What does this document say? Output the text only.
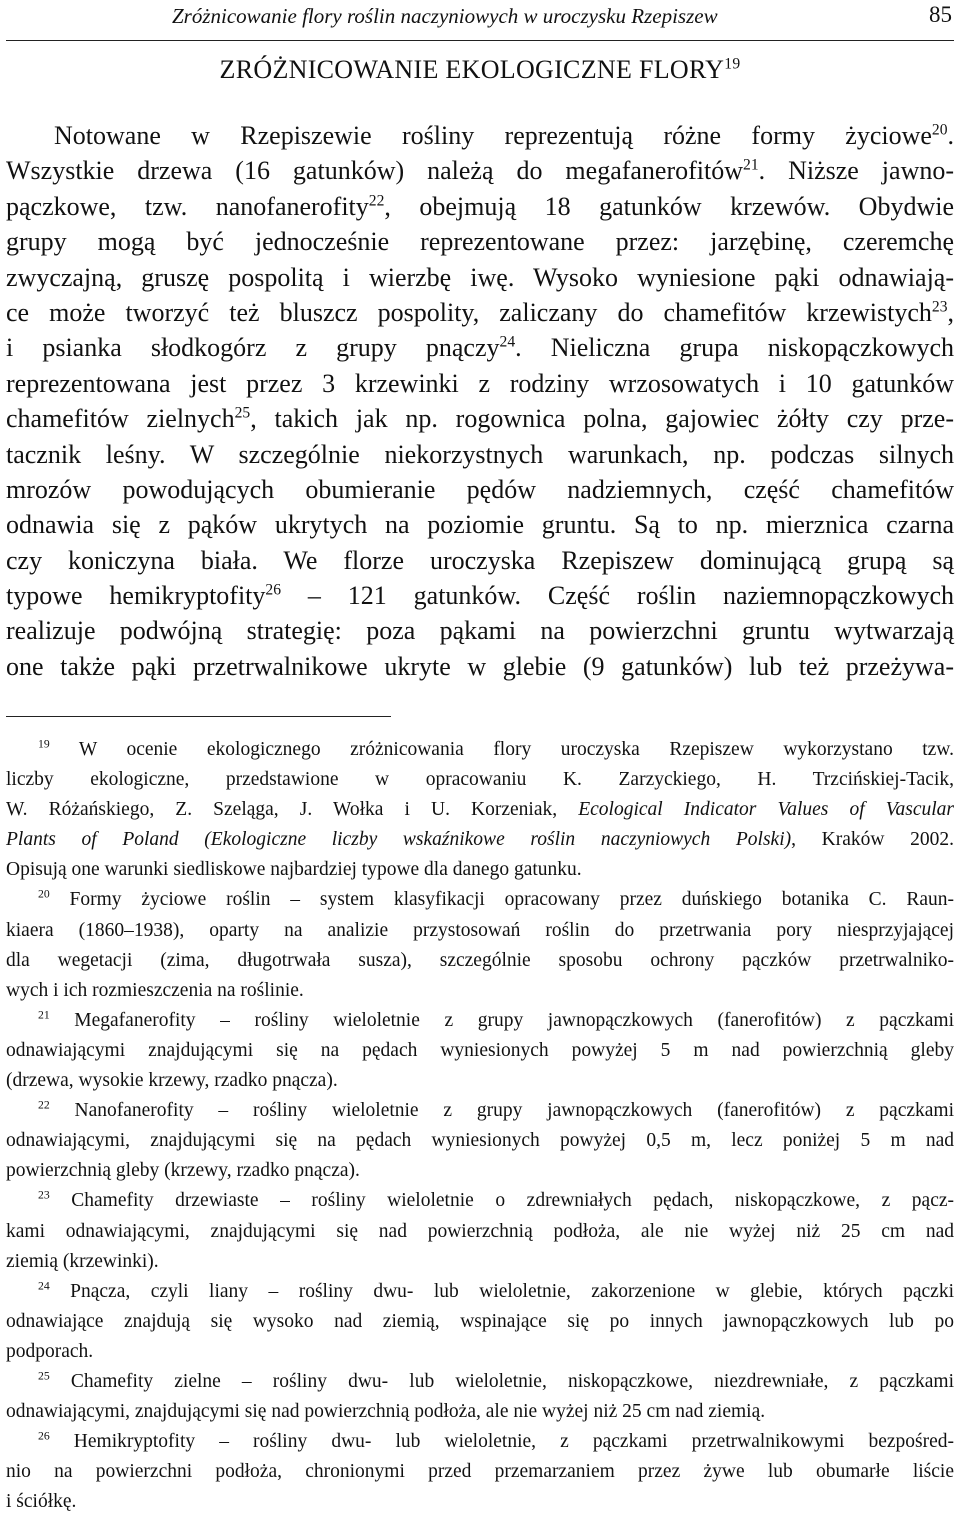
Zróżnicowanie flory roślin naczyniowych w uroczysku Rzepiszew	85
ZRÓŻNICOWANIE EKOLOGICZNE FLORY$^{19}$
Notowane w Rzepiszewie rośliny reprezentują różne formy życiowe$^{20}$.
Wszystkie drzewa (16 gatunków) należą do megafanerofitów$^{21}$. Niższe jawno-
pączkowe, tzw. nanofanerofity$^{22}$, obejmują 18 gatunków krzewów. Obydwie
grupy mogą być jednocześnie reprezentowane przez: jarzębinę, czeremchę
zwyczajną, gruszę pospolitą i wierzbę iwę. Wysoko wyniesione pąki odnawiają-
ce może tworzyć też bluszcz pospolity, zaliczany do chamefitów krzewistych$^{23}$,
i psianka słodkogórz z grupy pnączy$^{24}$. Nieliczna grupa niskopączkowych
reprezentowana jest przez 3 krzewinki z rodziny wrzosowatych i 10 gatunków
chamefitów zielnych$^{25}$, takich jak np. rogownica polna, gajowiec żółty czy prze-
tacznik leśny. W szczególnie niekorzystnych warunkach, np. podczas silnych
mrozów powodujących obumieranie pędów nadziemnych, część chamefitów
odnawia się z pąków ukrytych na poziomie gruntu. Są to np. mierznica czarna
czy koniczyna biała. We florze uroczyska Rzepiszew dominującą grupą są
typowe hemikryptofity$^{26}$ – 121 gatunków. Część roślin naziemnopączkowych
realizuje podwójną strategię: poza pąkami na powierzchni gruntu wytwarzają
one także pąki przetrwalnikowe ukryte w glebie (9 gatunków) lub też przeżywa-
$^{19}$ W ocenie ekologicznego zróżnicowania flory uroczyska Rzepiszew wykorzystano tzw.
liczby ekologiczne, przedstawione w opracowaniu K. Zarzyckiego, H. Trzcińskiej-Tacik,
W. Różańskiego, Z. Szeląga, J. Wołka i U. Korzeniak, Ecological Indicator Values of Vascular
Plants of Poland (Ekologiczne liczby wskaźnikowe roślin naczyniowych Polski), Kraków 2002.
Opisują one warunki siedliskowe najbardziej typowe dla danego gatunku.
$^{20}$ Formy życiowe roślin – system klasyfikacji opracowany przez duńskiego botanika C. Raun-
kiaera (1860–1938), oparty na analizie przystosowań roślin do przetrwania pory niesprzyjającej
dla wegetacji (zima, długotrwała susza), szczególnie sposobu ochrony pączków przetrwalniko-
wych i ich rozmieszczenia na roślinie.
$^{21}$ Megafanerofity – rośliny wieloletnie z grupy jawnopączkowych (fanerofitów) z pączkami
odnawiającymi znajdującymi się na pędach wyniesionych powyżej 5 m nad powierzchnią gleby
(drzewa, wysokie krzewy, rzadko pnącza).
$^{22}$ Nanofanerofity – rośliny wieloletnie z grupy jawnopączkowych (fanerofitów) z pączkami
odnawiającymi, znajdującymi się na pędach wyniesionych powyżej 0,5 m, lecz poniżej 5 m nad
powierzchnią gleby (krzewy, rzadko pnącza).
$^{23}$ Chamefity drzewiaste – rośliny wieloletnie o zdrewniałych pędach, niskopączkowe, z pącz-
kami odnawiającymi, znajdującymi się nad powierzchnią podłoża, ale nie wyżej niż 25 cm nad
ziemią (krzewinki).
$^{24}$ Pnącza, czyli liany – rośliny dwu- lub wieloletnie, zakorzenione w glebie, których pączki
odnawiające znajdują się wysoko nad ziemią, wspinające się po innych jawnopączkowych lub po
podporach.
$^{25}$ Chamefity zielne – rośliny dwu- lub wieloletnie, niskopączkowe, niezdrewniałe, z pączkami
odnawiającymi, znajdującymi się nad powierzchnią podłoża, ale nie wyżej niż 25 cm nad ziemią.
$^{26}$ Hemikryptofity – rośliny dwu- lub wieloletnie, z pączkami przetrwalnikowymi bezpośred-
nio na powierzchni podłoża, chronionymi przed przemarzaniem przez żywe lub obumarłe liście
i ściółkę.
